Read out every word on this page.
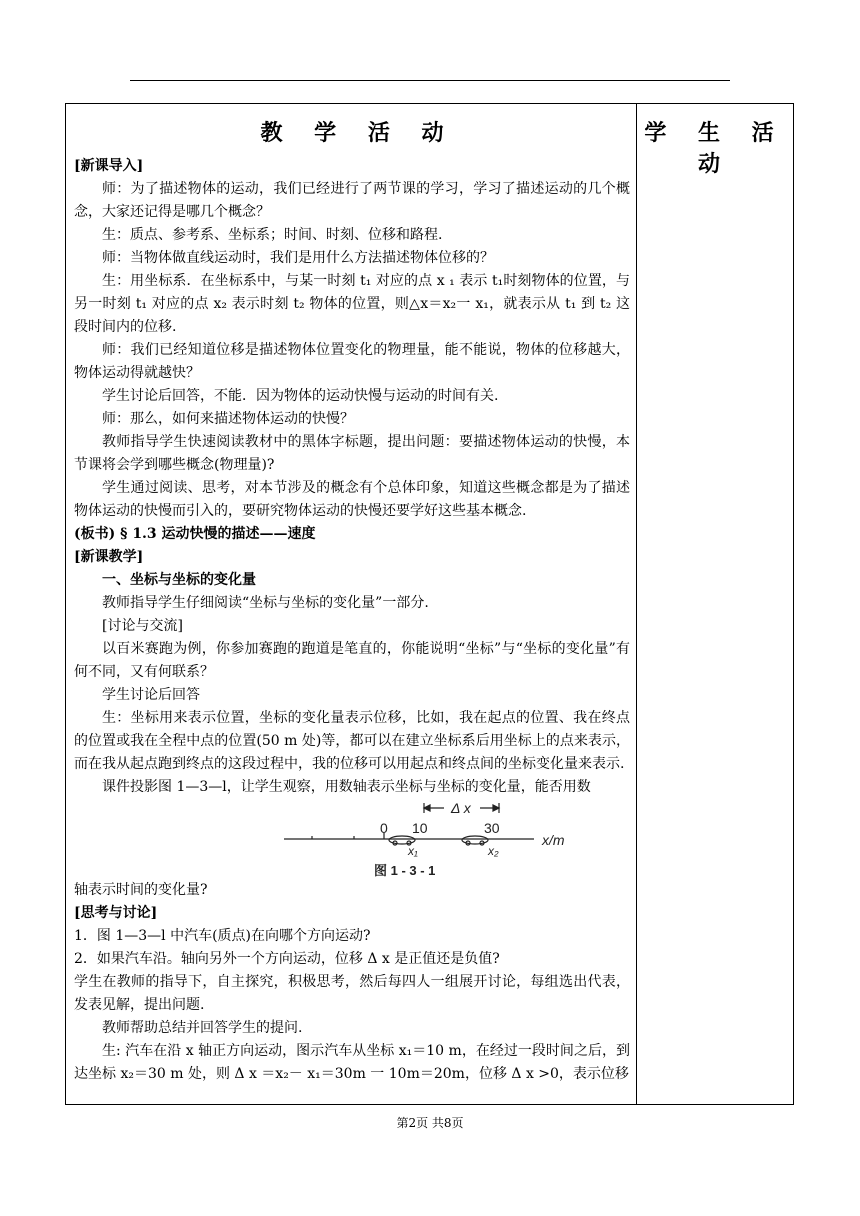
教 学 活 动

[新课导入]

师：为了描述物体的运动，我们已经进行了两节课的学习，学习了描述运动的几个概念，大家还记得是哪几个概念？

生：质点、参考系、坐标系；时间、时刻、位移和路程.

师：当物体做直线运动时，我们是用什么方法描述物体位移的？

生：用坐标系．在坐标系中，与某一时刻 t₁ 对应的点 x ₁ 表示 t₁时刻物体的位置，与另一时刻 t₁ 对应的点 x₂ 表示时刻 t₂ 物体的位置，则△x＝x₂一 x₁，就表示从 t₁ 到 t₂ 这段时间内的位移.

师：我们已经知道位移是描述物体位置变化的物理量，能不能说，物体的位移越大，物体运动得就越快？

学生讨论后回答，不能．因为物体的运动快慢与运动的时间有关.

师：那么，如何来描述物体运动的快慢？

教师指导学生快速阅读教材中的黑体字标题，提出问题：要描述物体运动的快慢，本节课将会学到哪些概念(物理量)?

学生通过阅读、思考，对本节涉及的概念有个总体印象，知道这些概念都是为了描述物体运动的快慢而引入的，要研究物体运动的快慢还要学好这些基本概念.

(板书) § 1.3 运动快慢的描述——速度

[新课教学]

一、坐标与坐标的变化量

教师指导学生仔细阅读“坐标与坐标的变化量”一部分.

[讨论与交流]

以百米赛跑为例，你参加赛跑的跑道是笔直的，你能说明“坐标”与“坐标的变化量”有何不同，又有何联系？

学生讨论后回答

生：坐标用来表示位置，坐标的变化量表示位移，比如，我在起点的位置、我在终点的位置或我在全程中点的位置(50 m 处)等，都可以在建立坐标系后用坐标上的点来表示，而在我从起点跑到终点的这段过程中，我的位移可以用起点和终点间的坐标变化量来表示.

课件投影图 1—3—l，让学生观察，用数轴表示坐标与坐标的变化量，能否用数

0 10	30
Δ x
x₁	x₂
x/m
图 1 - 3 - 1

轴表示时间的变化量?

[思考与讨论]

1．图 1—3—l 中汽车(质点)在向哪个方向运动?

2．如果汽车沿。轴向另外一个方向运动，位移 Δ x 是正值还是负值?

学生在教师的指导下，自主探究，积极思考，然后每四人一组展开讨论，每组选出代表，发表见解，提出问题.

教师帮助总结并回答学生的提问.

生: 汽车在沿 x 轴正方向运动，图示汽车从坐标 x₁＝10 m，在经过一段时间之后，到达坐标 x₂＝30 m 处，则 Δ x ＝x₂－ x₁＝30m 一 10m＝20m，位移 Δ x >0，表示位移

学 生 活 动
第2页 共8页
